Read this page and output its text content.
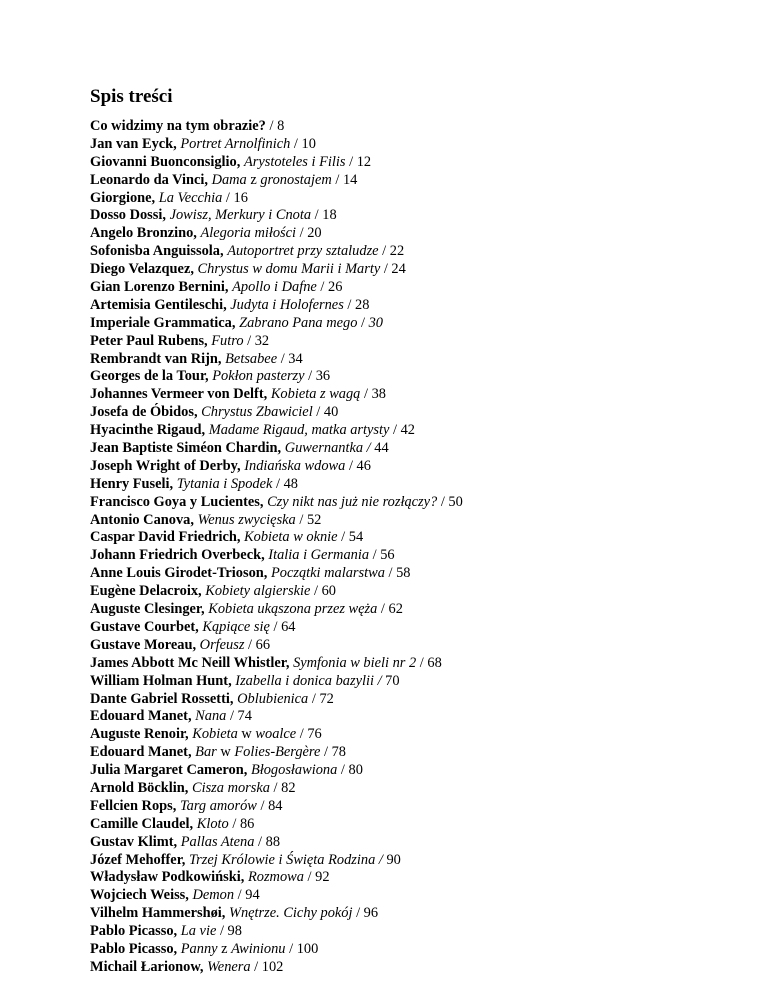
Spis treści
Co widzimy na tym obrazie? / 8
Jan van Eyck, Portret Arnolfinich / 10
Giovanni Buonconsiglio, Arystoteles i Filis / 12
Leonardo da Vinci, Dama z gronostajem / 14
Giorgione, La Vecchia / 16
Dosso Dossi, Jowisz, Merkury i Cnota / 18
Angelo Bronzino, Alegoria miłości / 20
Sofonisba Anguissola, Autoportret przy sztaludze / 22
Diego Velazquez, Chrystus w domu Marii i Marty / 24
Gian Lorenzo Bernini, Apollo i Dafne / 26
Artemisia Gentileschi, Judyta i Holofernes / 28
Imperiale Grammatica, Zabrano Pana mego / 30
Peter Paul Rubens, Futro / 32
Rembrandt van Rijn, Betsabee / 34
Georges de la Tour, Pokłon pasterzy / 36
Johannes Vermeer von Delft, Kobieta z wagą / 38
Josefa de Óbidos, Chrystus Zbawiciel / 40
Hyacinthe Rigaud, Madame Rigaud, matka artysty / 42
Jean Baptiste Siméon Chardin, Guwernantka / 44
Joseph Wright of Derby, Indiańska wdowa / 46
Henry Fuseli, Tytania i Spodek / 48
Francisco Goya y Lucientes, Czy nikt nas już nie rozłączy? / 50
Antonio Canova, Wenus zwycięska / 52
Caspar David Friedrich, Kobieta w oknie / 54
Johann Friedrich Overbeck, Italia i Germania / 56
Anne Louis Girodet-Trioson, Początki malarstwa / 58
Eugène Delacroix, Kobiety algierskie / 60
Auguste Clesinger, Kobieta ukąszona przez węża / 62
Gustave Courbet, Kąpiące się / 64
Gustave Moreau, Orfeusz / 66
James Abbott Mc Neill Whistler, Symfonia w bieli nr 2 / 68
William Holman Hunt, Izabella i donica bazylii / 70
Dante Gabriel Rossetti, Oblubienica / 72
Edouard Manet, Nana / 74
Auguste Renoir, Kobieta w woalce / 76
Edouard Manet, Bar w Folies-Bergère / 78
Julia Margaret Cameron, Błogosławiona / 80
Arnold Böcklin, Cisza morska / 82
Fellcien Rops, Targ amorów / 84
Camille Claudel, Kloto / 86
Gustav Klimt, Pallas Atena / 88
Józef Mehoffer, Trzej Królowie i Święta Rodzina / 90
Władysław Podkowiński, Rozmowa / 92
Wojciech Weiss, Demon / 94
Vilhelm Hammershøi, Wnętrze. Cichy pokój / 96
Pablo Picasso, La vie / 98
Pablo Picasso, Panny z Awinionu / 100
Michail Łarionow, Wenera / 102
